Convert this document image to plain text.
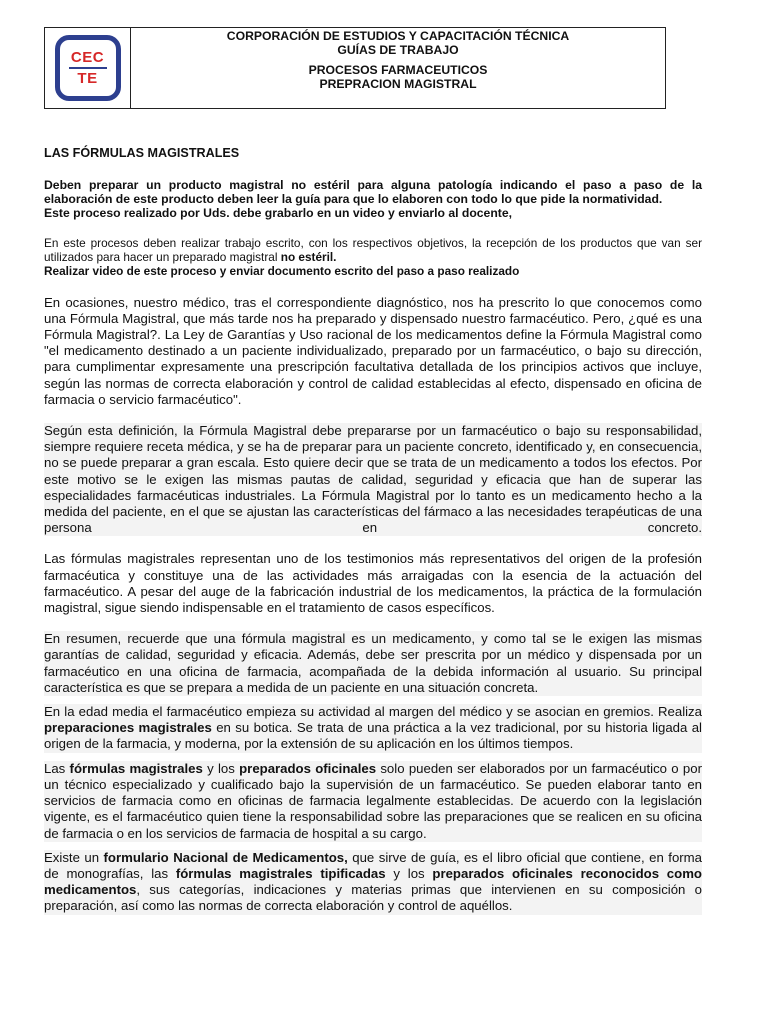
CEC
TE
CORPORACIÓN DE ESTUDIOS Y CAPACITACIÓN TÉCNICA
GUÍAS DE TRABAJO
PROCESOS FARMACEUTICOS
PREPRACION MAGISTRAL

LAS FÓRMULAS MAGISTRALES

Deben preparar un producto magistral no estéril para alguna patología indicando el paso a paso de la elaboración de este producto deben leer la guía para que lo elaboren con todo lo que pide la normatividad.

Este proceso realizado por Uds. debe grabarlo en un video y enviarlo al docente,

En este procesos deben realizar trabajo escrito, con los respectivos objetivos, la recepción de los productos que van ser utilizados para hacer un preparado magistral no estéril.

Realizar video de este proceso y enviar documento escrito del paso a paso realizado

En ocasiones, nuestro médico, tras el correspondiente diagnóstico, nos ha prescrito lo que conocemos como una Fórmula Magistral, que más tarde nos ha preparado y dispensado nuestro farmacéutico. Pero, ¿qué es una Fórmula Magistral?. La Ley de Garantías y Uso racional de los medicamentos define la Fórmula Magistral como "el medicamento destinado a un paciente individualizado, preparado por un farmacéutico, o bajo su dirección, para cumplimentar expresamente una prescripción facultativa detallada de los principios activos que incluye, según las normas de correcta elaboración y control de calidad establecidas al efecto, dispensado en oficina de farmacia o servicio farmacéutico".

Según esta definición, la Fórmula Magistral debe prepararse por un farmacéutico o bajo su responsabilidad, siempre requiere receta médica, y se ha de preparar para un paciente concreto, identificado y, en consecuencia, no se puede preparar a gran escala. Esto quiere decir que se trata de un medicamento a todos los efectos. Por este motivo se le exigen las mismas pautas de calidad, seguridad y eficacia que han de superar las especialidades farmacéuticas industriales. La Fórmula Magistral por lo tanto es un medicamento hecho a la medida del paciente, en el que se ajustan las características del fármaco a las necesidades terapéuticas de una persona en concreto.

Las fórmulas magistrales representan uno de los testimonios más representativos del origen de la profesión farmacéutica y constituye una de las actividades más arraigadas con la esencia de la actuación del farmacéutico. A pesar del auge de la fabricación industrial de los medicamentos, la práctica de la formulación magistral, sigue siendo indispensable en el tratamiento de casos específicos.

En resumen, recuerde que una fórmula magistral es un medicamento, y como tal se le exigen las mismas garantías de calidad, seguridad y eficacia. Además, debe ser prescrita por un médico y dispensada por un farmacéutico en una oficina de farmacia, acompañada de la debida información al usuario. Su principal característica es que se prepara a medida de un paciente en una situación concreta.

En la edad media el farmacéutico empieza su actividad al margen del médico y se asocian en gremios. Realiza preparaciones magistrales en su botica. Se trata de una práctica a la vez tradicional, por su historia ligada al origen de la farmacia, y moderna, por la extensión de su aplicación en los últimos tiempos.

Las fórmulas magistrales y los preparados oficinales solo pueden ser elaborados por un farmacéutico o por un técnico especializado y cualificado bajo la supervisión de un farmacéutico. Se pueden elaborar tanto en servicios de farmacia como en oficinas de farmacia legalmente establecidas. De acuerdo con la legislación vigente, es el farmacéutico quien tiene la responsabilidad sobre las preparaciones que se realicen en su oficina de farmacia o en los servicios de farmacia de hospital a su cargo.

Existe un formulario Nacional de Medicamentos, que sirve de guía, es el libro oficial que contiene, en forma de monografías, las fórmulas magistrales tipificadas y los preparados oficinales reconocidos como medicamentos, sus categorías, indicaciones y materias primas que intervienen en su composición o preparación, así como las normas de correcta elaboración y control de aquéllos.
